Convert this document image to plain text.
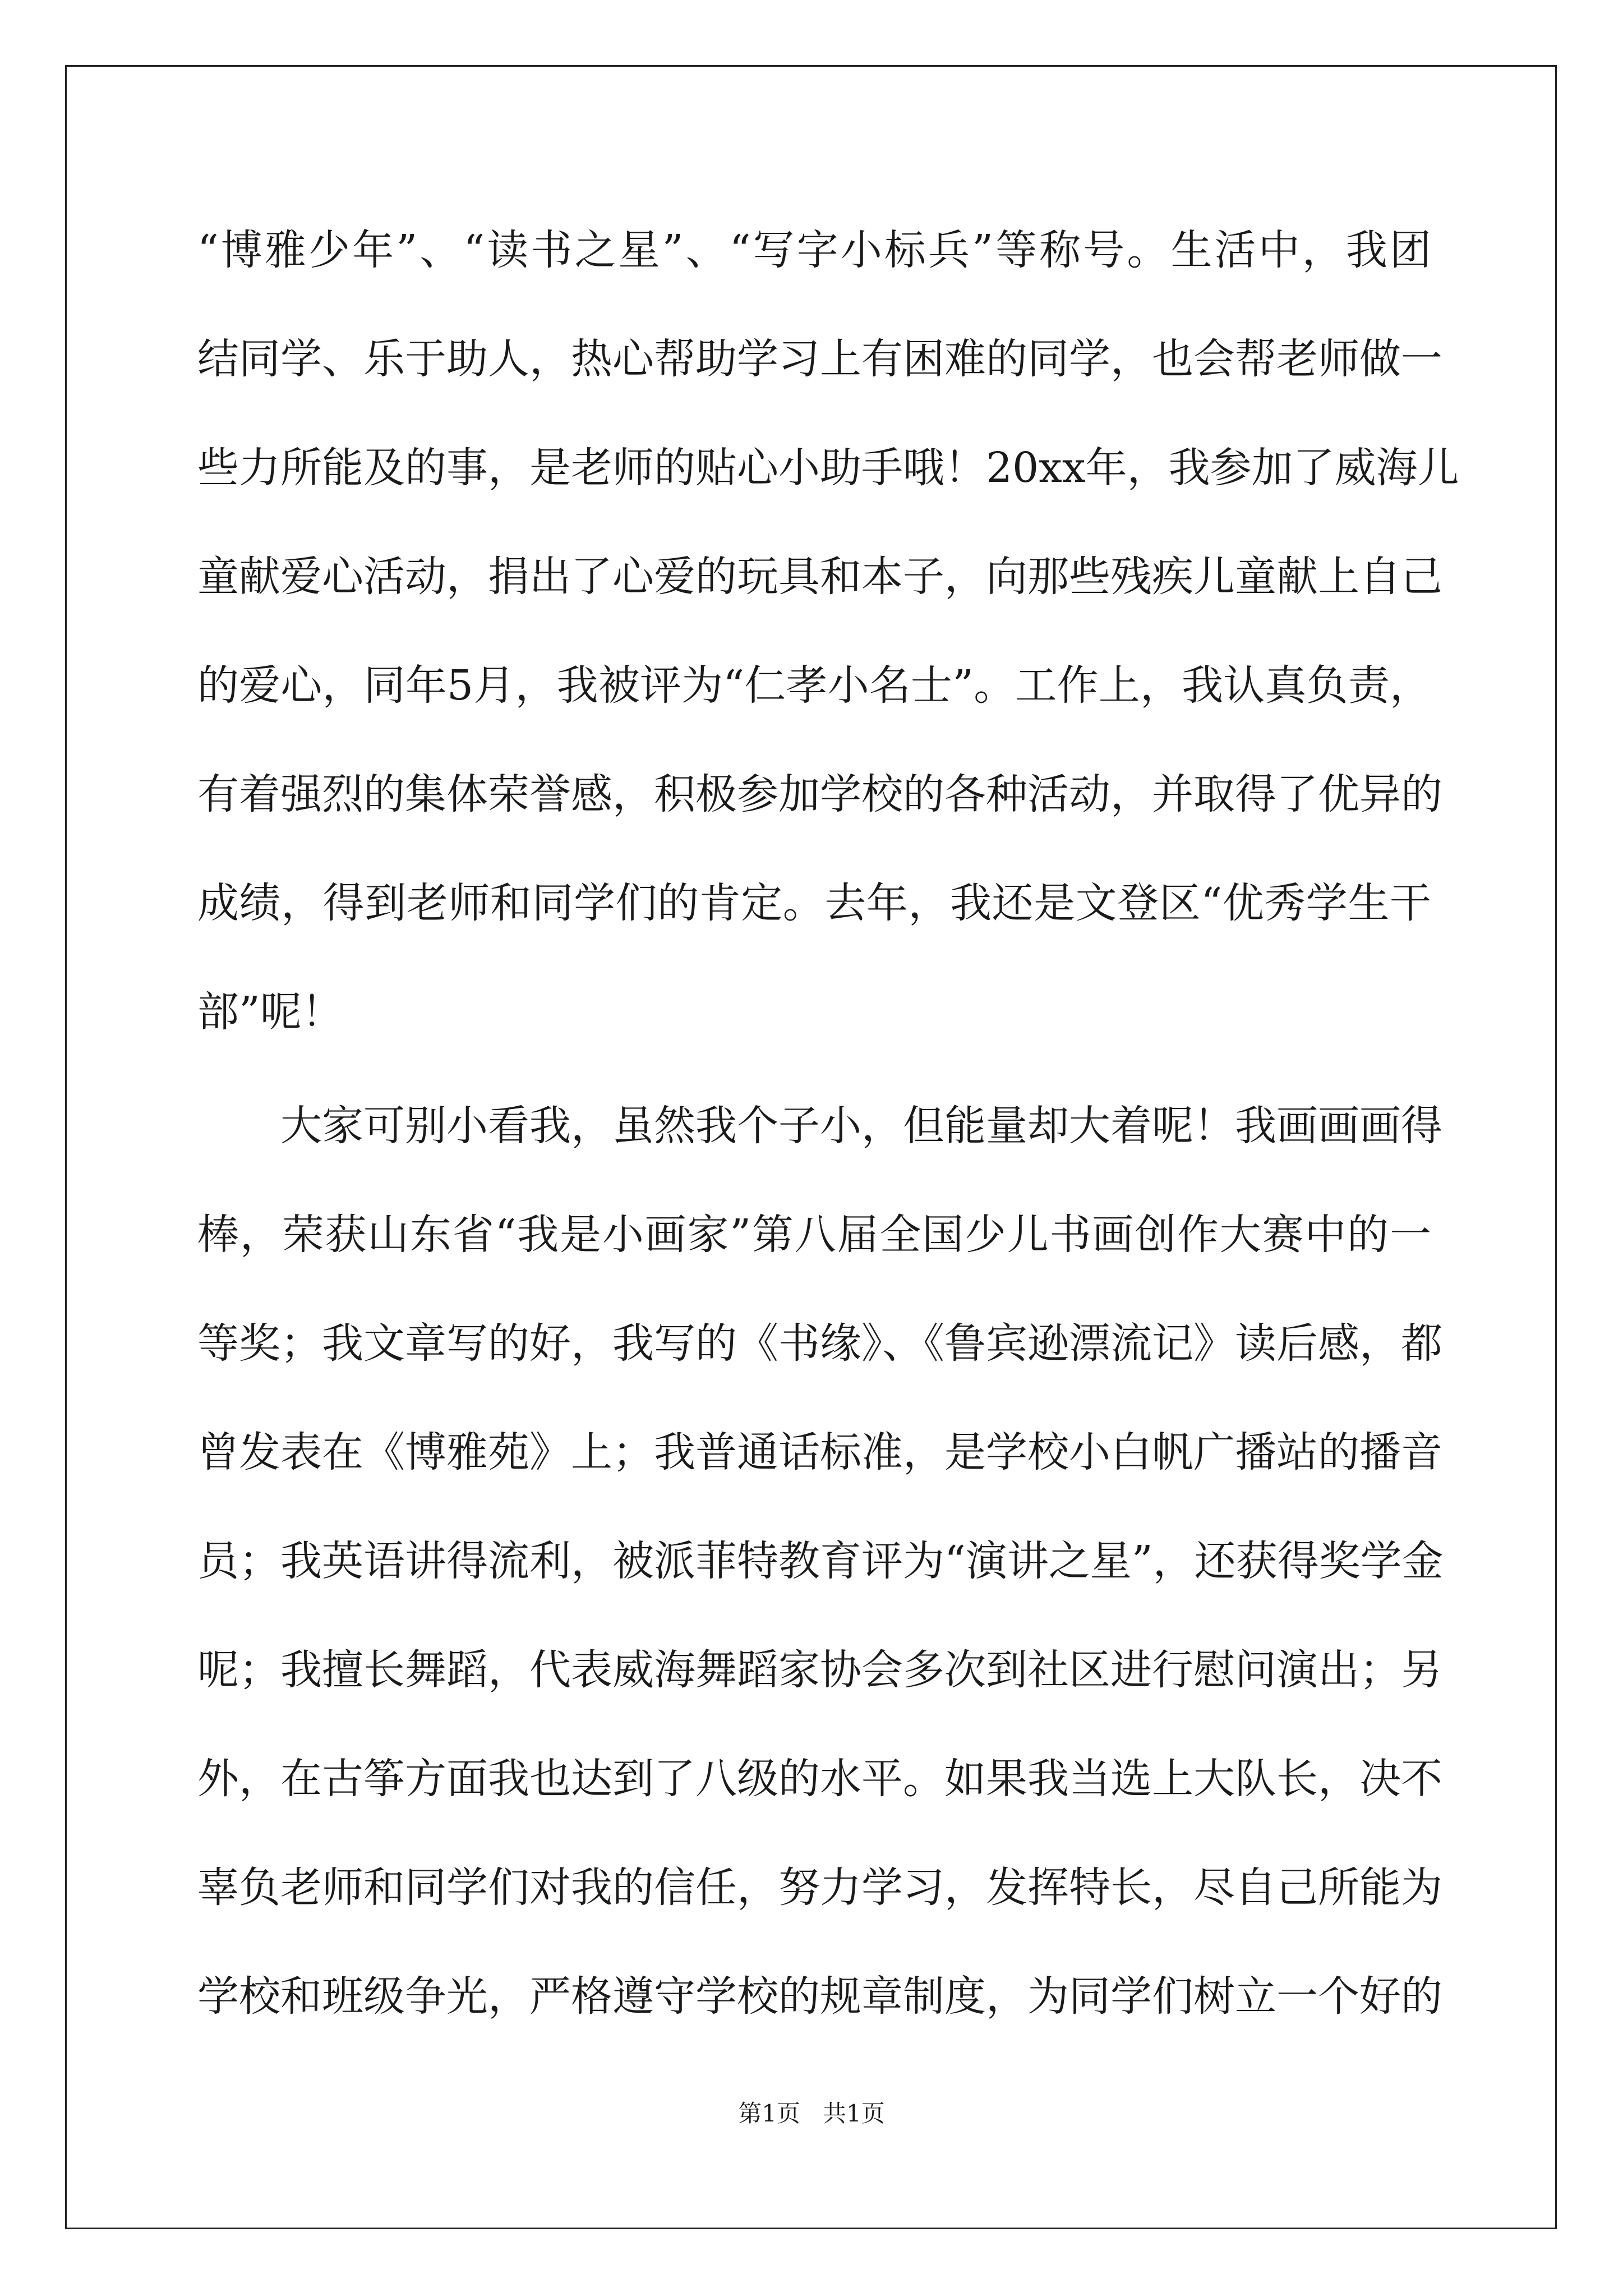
“博雅少年”、“读书之星”、“写字小标兵”等称号。生活中，我团
结同学、乐于助人，热心帮助学习上有困难的同学，也会帮老师做一
些力所能及的事，是老师的贴心小助手哦！20xx年，我参加了威海儿
童献爱心活动，捐出了心爱的玩具和本子，向那些残疾儿童献上自己
的爱心，同年5月，我被评为“仁孝小名士”。工作上，我认真负责，
有着强烈的集体荣誉感，积极参加学校的各种活动，并取得了优异的
成绩，得到老师和同学们的肯定。去年，我还是文登区“优秀学生干
部”呢！
大家可别小看我，虽然我个子小，但能量却大着呢！我画画画得
棒，荣获山东省“我是小画家”第八届全国少儿书画创作大赛中的一
等奖；我文章写的好，我写的《书缘》、《鲁宾逊漂流记》读后感，都
曾发表在《博雅苑》上；我普通话标准，是学校小白帆广播站的播音
员；我英语讲得流利，被派菲特教育评为“演讲之星”，还获得奖学金
呢；我擅长舞蹈，代表威海舞蹈家协会多次到社区进行慰问演出；另
外，在古筝方面我也达到了八级的水平。如果我当选上大队长，决不
辜负老师和同学们对我的信任，努力学习，发挥特长，尽自己所能为
学校和班级争光，严格遵守学校的规章制度，为同学们树立一个好的
第1页 共1页
